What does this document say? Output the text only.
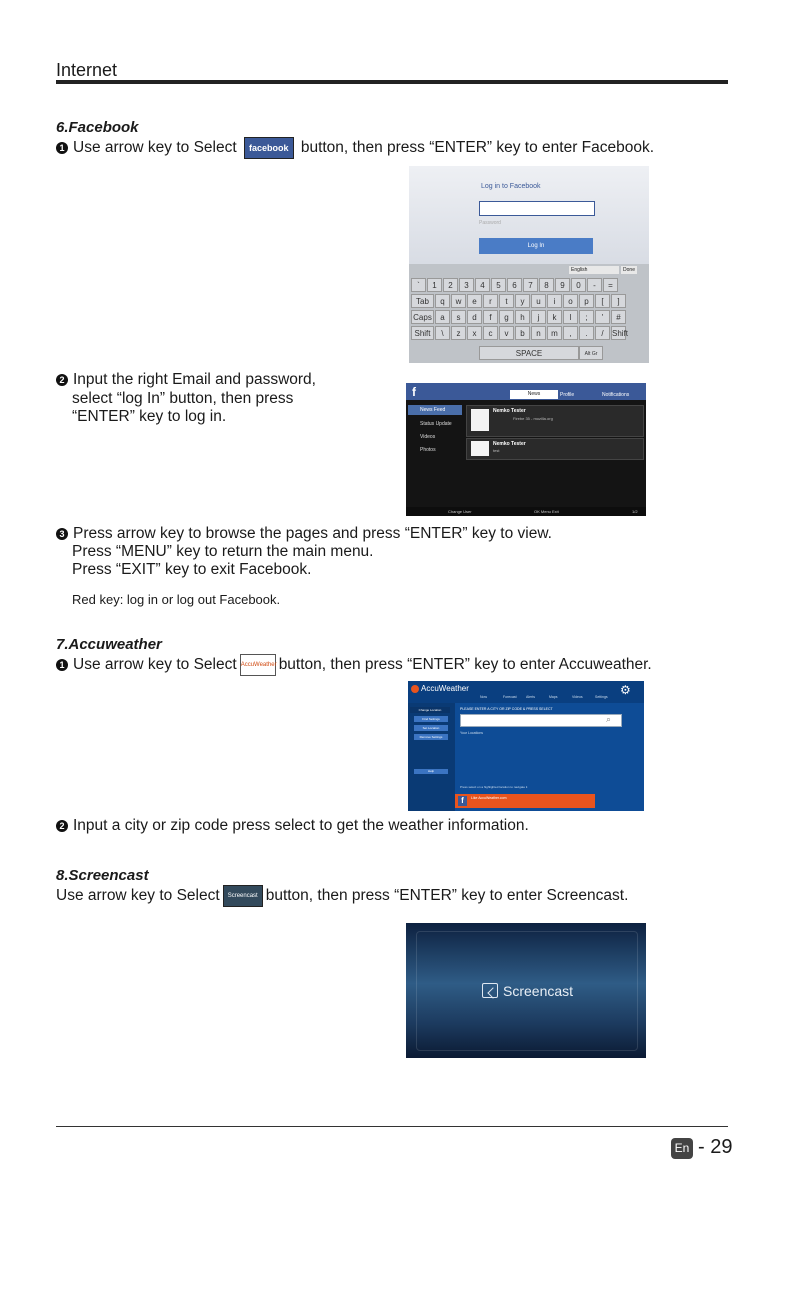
Internet
6.Facebook
1 Use arrow key to Select facebook button, then press “ENTER” key to enter Facebook.
Log in to Facebook
Password
Log In
English	Done
`	1	2	3	4	5	6	7	8	9	0	-	=
Tab	q	w	e	r	t	y	u	i	o	p	[	]
Caps	a	s	d	f	g	h	j	k	l	;	'	#
Shift	\	z	x	c	v	b	n	m	,	.	/	Shift
SPACE	Alt Gr
2 Input the right Email and password,
select “log In” button, then press
“ENTER” key to log in.
f	News	Profile	Notifications
News Feed
Status Update
Videos
Photos
Nemko Tester
Firebe 35 - mozilla.org
Nemko Tester
test
Change User	OK Menu Exit	1/2
3 Press arrow key to browse the pages and press “ENTER” key to view.
Press “MENU” key to return the main menu.
Press “EXIT” key to exit Facebook.
Red key: log in or log out Facebook.
7.Accuweather
1 Use arrow key to Select AccuWeather button, then press “ENTER” key to enter Accuweather.
AccuWeather
Now	Forecast	Alerts	Maps	Videos	Settings ⚙
Change Location
Find Settings
Set Location
Remove Settings
Help
PLEASE ENTER A CITY OR ZIP CODE & PRESS SELECT
⌕
Your Locations
Press select on a highlighted location to navigate it
f	Like AccuWeather.com
2 Input a city or zip code press select to get the weather information.
8.Screencast
Use arrow key to Select Screencast button, then press “ENTER” key to enter Screencast.
Screencast
En - 29
